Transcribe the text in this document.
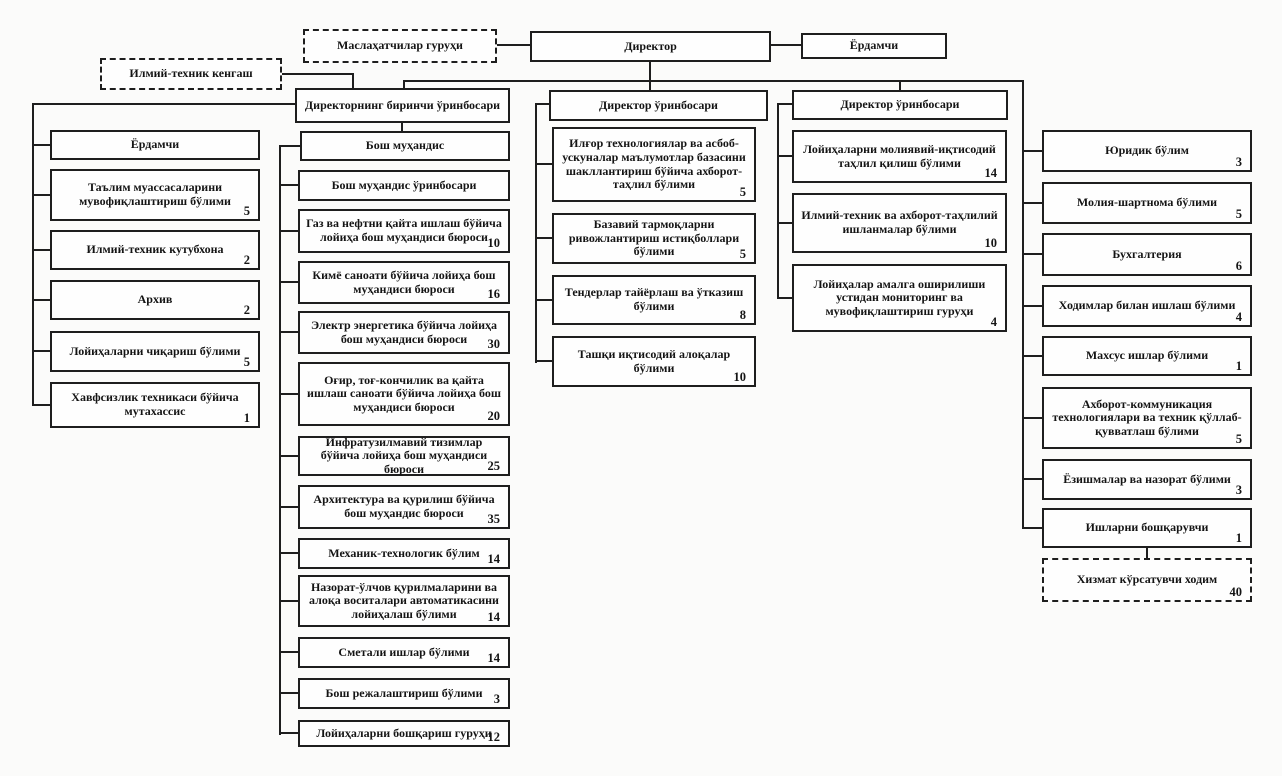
Маслаҳатчилар гуруҳи	Директор	Ёрдамчи
Илмий-техник кенгаш
Директорнинг биринчи ўринбосари	Директор ўринбосари	Директор ўринбосари
Бош муҳандис
Ёрдамчи
Таълим муассасаларини мувофиқлаштириш бўлими
5
Илмий-техник кутубхона
2
Архив
2
Лойиҳаларни чиқариш бўлими
5
Хавфсизлик техникаси бўйича мутахассис	1
Бош муҳандис ўринбосари
Газ ва нефтни қайта ишлаш бўйича лойиҳа бош муҳандиси бюроси 10
Кимё саноати бўйича лойиҳа бош муҳандиси бюроси	16
Электр энергетика бўйича лойиҳа бош муҳандиси бюроси	30
Оғир, тоғ-кончилик ва қайта ишлаш саноати бўйича лойиҳа бош муҳандиси бюроси
20
Инфратузилмавий тизимлар бўйича лойиҳа бош муҳандиси бюроси	25
Архитектура ва қурилиш бўйича бош муҳандис бюроси	35
Механик-технологик бўлим 14
Назорат-ўлчов қурилмаларини ва алоқа воситалари автоматикасини лойиҳалаш бўлими	14
Сметали ишлар бўлими	14
Бош режалаштириш бўлими 3
Лойиҳаларни бошқариш гуруҳи
12
Илғор технологиялар ва асбоб-ускуналар маълумотлар базасини шакллантириш бўйича ахборот-таҳлил бўлими
5
Базавий тармоқларни ривожлантириш истиқболлари бўлими	5
Тендерлар тайёрлаш ва ўтказиш бўлими
8
Ташқи иқтисодий алоқалар бўлими
10
Лойиҳаларни молиявий-иқтисодий таҳлил қилиш бўлими
14
Илмий-техник ва ахборот-таҳлилий ишланмалар бўлими
10
Лойиҳалар амалга оширилиши устидан мониторинг ва мувофиқлаштириш гуруҳи
4
Юридик бўлим
3
Молия-шартнома бўлими
5
Бухгалтерия
6
Ходимлар билан ишлаш бўлими
4
Махсус ишлар бўлими
1
Ахборот-коммуникация технологиялари ва техник қўллаб-қувватлаш бўлими
5
Ёзишмалар ва назорат бўлими
3
Ишларни бошқарувчи
1
Хизмат кўрсатувчи ходим
40
